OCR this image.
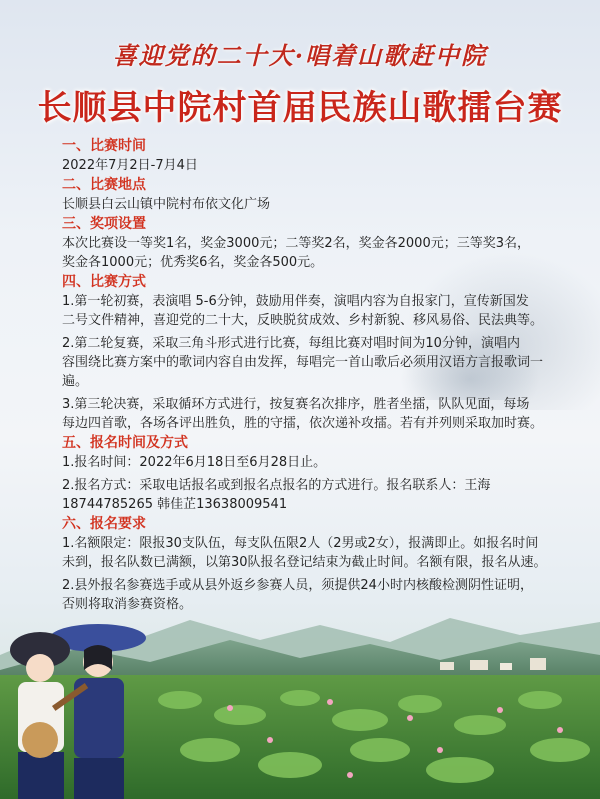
喜迎党的二十大·唱着山歌赶中院
长顺县中院村首届民族山歌擂台赛
一、比赛时间

2022年7月2日-7月4日

二、比赛地点

长顺县白云山镇中院村布依文化广场

三、奖项设置

本次比赛设一等奖1名，奖金3000元；二等奖2名，奖金各2000元；三等奖3名，

奖金各1000元；优秀奖6名，奖金各500元。

四、比赛方式

1.第一轮初赛，表演唱 5-6分钟，鼓励用伴奏，演唱内容为自报家门，宣传新国发

二号文件精神，喜迎党的二十大，反映脱贫成效、乡村新貌、移风易俗、民法典等。

2.第二轮复赛，采取三角斗形式进行比赛，每组比赛对唱时间为10分钟，演唱内

容围绕比赛方案中的歌词内容自由发挥，每唱完一首山歌后必须用汉语方言报歌词一

遍。

3.第三轮决赛，采取循环方式进行，按复赛名次排序，胜者坐擂，队队见面，每场

每边四首歌，各场各评出胜负，胜的守擂，依次递补攻擂。若有并列则采取加时赛。

五、报名时间及方式

1.报名时间：2022年6月18日至6月28日止。

2.报名方式：采取电话报名或到报名点报名的方式进行。报名联系人：王海

18744785265 韩佳芷13638009541

六、报名要求

1.名额限定：限报30支队伍，每支队伍限2人（2男或2女），报满即止。如报名时间

未到，报名队数已满额，以第30队报名登记结束为截止时间。名额有限，报名从速。

2.县外报名参赛选手或从县外返乡参赛人员，须提供24小时内核酸检测阴性证明，

否则将取消参赛资格。
